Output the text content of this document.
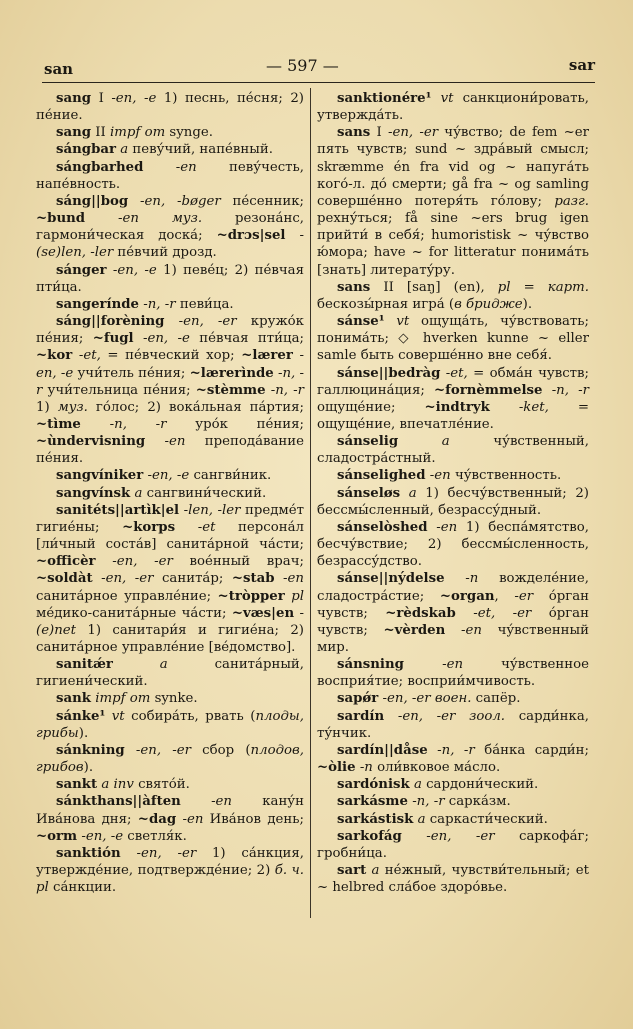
san	— 597 —	sar

sang I -en, -e 1) песнь, пе́сня; 2) пе́ние.

sang II impf om synge.

sángbar a певу́чий, напе́вный.

sángbarhed -en певу́честь, напе́вность.

sáng||bog -en, -bøger пе́сенник; ~bund -en муз. резона́нс, гармони́ческая доска́; ~drɔs|sel -(se)len, -ler пе́вчий дрозд.

sánger -en, -e 1) певе́ц; 2) пе́вчая пти́ца.

sangerínde -n, -r певи́ца.

sáng||forèning -en, -er кружо́к пе́ния; ~fugl -en, -e пе́вчая пти́ца; ~kor -et, = пе́вческий хор; ~lærer -en, -e учи́тель пе́ния; ~lærerìnde -n, -r учи́тельница пе́ния; ~stèmme -n, -r 1) муз. го́лос; 2) вока́льная па́ртия; ~tìme -n, -r уро́к пе́ния; ~ùndervisning -en препода́вание пе́ния.

sangvíniker -en, -e сангви́ник.

sangvínsk a сангвини́ческий.

sanitéts||artìk|el -len, -ler предме́т гигие́ны; ~korps -et персона́л [ли́чный соста́в] санита́рной ча́сти; ~officèr -en, -er вое́нный врач; ~soldàt -en, -er санита́р; ~stab -en санита́рное управле́ние; ~tròpper pl ме́дико-санита́рные ча́сти; ~væs|en -(e)net 1) санитари́я и гигие́на; 2) санита́рное управле́ние [ве́домство].

sanitǽr	a санита́рный, гигиени́ческий.

sank impf om synke.

sánke¹ vt собира́ть, рвать (плоды, грибы).

sánkning -en, -er сбор (плодов, грибов).

sankt a inv свято́й.

sánkthans||àften -en кану́н Ива́нова дня; ~dag -en Ива́нов день; ~orm -en, -e светля́к.

sanktión -en, -er 1) са́нкция, утвержде́ние, подтвержде́ние; 2) б. ч. pl са́нкции.

sanktionére¹ vt санкциони́ровать, утвержда́ть.

sans I -en, -er чу́вство; de fem ~er пять чувств; sund ~ здра́вый смысл; skræmme én fra vid og ~ напуга́ть кого́-л. до́ смерти; gå fra ~ og samling соверше́нно потеря́ть го́лову; разг. рехну́ться; få sine ~ers brug igen прийти́ в себя́; humoristisk ~ чу́вство ю́мора; have ~ for litteratur понима́ть [знать] литерату́ру.

sans II [saŋ] (en), pl = карт. бескозы́рная игра́ (в бридже).

sánse¹ vt ощуща́ть, чу́вствовать; понима́ть; ◇ hverken kunne ~ eller samle быть соверше́нно вне себя́.

sánse||bedràg -et, = обма́н чувств; галлюцина́ция; ~fornèmmelse -n, -r ощуще́ние; ~indtryk -ket, = ощуще́ние, впечатле́ние.

sánselig	a чу́вственный, сладостра́стный.

sánselighed -en чу́вственность.

sánseløs a 1) бесчу́вственный; 2) бессмы́сленный, безрассу́дный.

sánselòshed -en 1) беспа́мятство, бесчу́вствие; 2) бессмы́сленность, безрассу́дство.

sánse||nýdelse -n вожделе́ние, сладостра́стие; ~organ, -er о́рган чувств; ~rèdskab -et, -er о́рган чувств; ~vèrden -en чу́вственный мир.

sánsning	-en чу́вственное восприя́тие; восприи́мчивость.

sapǿr -en, -er воен. сапёр.

sardín -en, -er зоол. сарди́нка, ту́нчик.

sardín||dåse -n, -r ба́нка сарди́н; ~òlie -n оли́вковое ма́сло.

sardónisk a сардони́ческий.

sarkásme -n, -r сарка́зм.

sarkástisk a саркасти́ческий.

sarkofág -en, -er саркофа́г; гробни́ца.

sart a не́жный, чувстви́тельный; et ~ helbred сла́бое здоро́вье.
